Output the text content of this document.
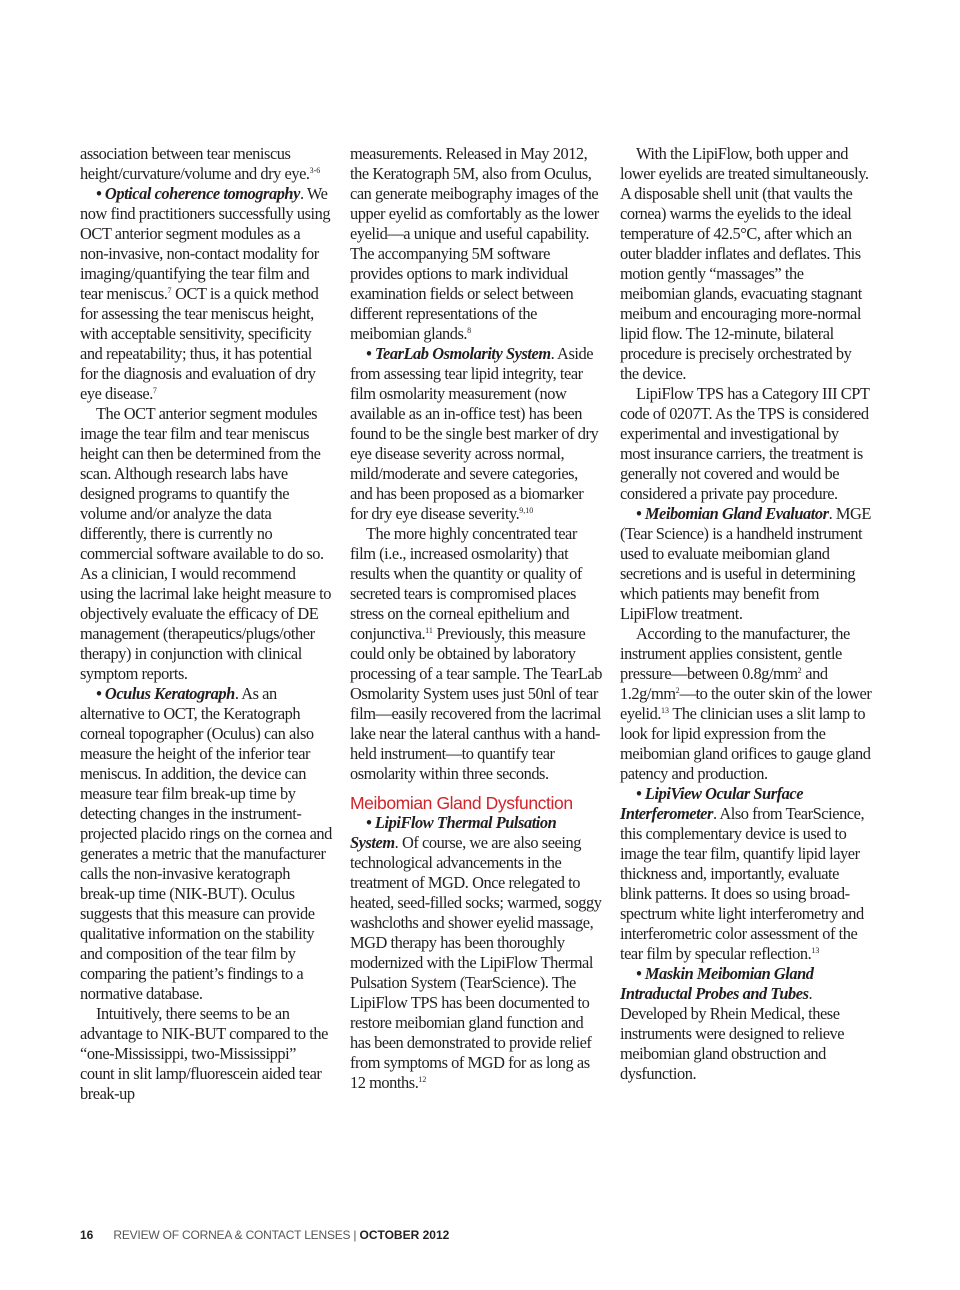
association between tear meniscus height/curvature/volume and dry eye.$^{3-6}$

• Optical coherence tomography. We now find practitioners successfully using OCT anterior segment modules as a non-invasive, non-contact modality for imaging/quantifying the tear film and tear meniscus.$^7$ OCT is a quick method for assessing the tear meniscus height, with acceptable sensitivity, specificity and repeatability; thus, it has potential for the diagnosis and evaluation of dry eye disease.$^7$

The OCT anterior segment modules image the tear film and tear meniscus height can then be determined from the scan. Although research labs have designed programs to quantify the volume and/or analyze the data differently, there is currently no commercial software available to do so. As a clinician, I would recommend using the lacrimal lake height measure to objectively evaluate the efficacy of DE management (therapeutics/plugs/other therapy) in conjunction with clinical symptom reports.

• Oculus Keratograph. As an alternative to OCT, the Keratograph corneal topographer (Oculus) can also measure the height of the inferior tear meniscus. In addition, the device can measure tear film break-up time by detecting changes in the instrument-projected placido rings on the cornea and generates a metric that the manufacturer calls the non-invasive keratograph break-up time (NIK-BUT). Oculus suggests that this measure can provide qualitative information on the stability and composition of the tear film by comparing the patient’s findings to a normative database.

Intuitively, there seems to be an advantage to NIK-BUT compared to the “one-Mississippi, two-Mississippi” count in slit lamp/fluorescein aided tear break-up

measurements. Released in May 2012, the Keratograph 5M, also from Oculus, can generate meibography images of the upper eyelid as comfortably as the lower eyelid—a unique and useful capability. The accompanying 5M software provides options to mark individual examination fields or select between different representations of the meibomian glands.$^8$

• TearLab Osmolarity System. Aside from assessing tear lipid integrity, tear film osmolarity measurement (now available as an in-office test) has been found to be the single best marker of dry eye disease severity across normal, mild/moderate and severe categories, and has been proposed as a biomarker for dry eye disease severity.$^{9,10}$

The more highly concentrated tear film (i.e., increased osmolarity) that results when the quantity or quality of secreted tears is compromised places stress on the corneal epithelium and conjunctiva.$^{11}$ Previously, this measure could only be obtained by laboratory processing of a tear sample. The TearLab Osmolarity System uses just 50nl of tear film—easily recovered from the lacrimal lake near the lateral canthus with a hand-held instrument—to quantify tear osmolarity within three seconds.

Meibomian Gland Dysfunction

• LipiFlow Thermal Pulsation System. Of course, we are also seeing technological advancements in the treatment of MGD. Once relegated to heated, seed-filled socks; warmed, soggy washcloths and shower eyelid massage, MGD therapy has been thoroughly modernized with the LipiFlow Thermal Pulsation System (TearScience). The LipiFlow TPS has been documented to restore meibomian gland function and has been demonstrated to provide relief from symptoms of MGD for as long as 12 months.$^{12}$

With the LipiFlow, both upper and lower eyelids are treated simultaneously. A disposable shell unit (that vaults the cornea) warms the eyelids to the ideal temperature of 42.5°C, after which an outer bladder inflates and deflates. This motion gently “massages” the meibomian glands, evacuating stagnant meibum and encouraging more-normal lipid flow. The 12-minute, bilateral procedure is precisely orchestrated by the device.

LipiFlow TPS has a Category III CPT code of 0207T. As the TPS is considered experimental and investigational by most insurance carriers, the treatment is generally not covered and would be considered a private pay procedure.

• Meibomian Gland Evaluator. MGE (Tear Science) is a handheld instrument used to evaluate meibomian gland secretions and is useful in determining which patients may benefit from LipiFlow treatment.

According to the manufacturer, the instrument applies consistent, gentle pressure—between $0.8g/mm^2$ and $1.2g/mm^2—to$ the outer skin of the lower eyelid.$^{13}$ The clinician uses a slit lamp to look for lipid expression from the meibomian gland orifices to gauge gland patency and production.

• LipiView Ocular Surface Interferometer. Also from TearScience, this complementary device is used to image the tear film, quantify lipid layer thickness and, importantly, evaluate blink patterns. It does so using broad-spectrum white light interferometry and interferometric color assessment of the tear film by specular reflection.$^{13}$

• Maskin Meibomian Gland Intraductal Probes and Tubes. Developed by Rhein Medical, these instruments were designed to relieve meibomian gland obstruction and dysfunction.

16 REVIEW OF CORNEA & CONTACT LENSES | OCTOBER 2012
